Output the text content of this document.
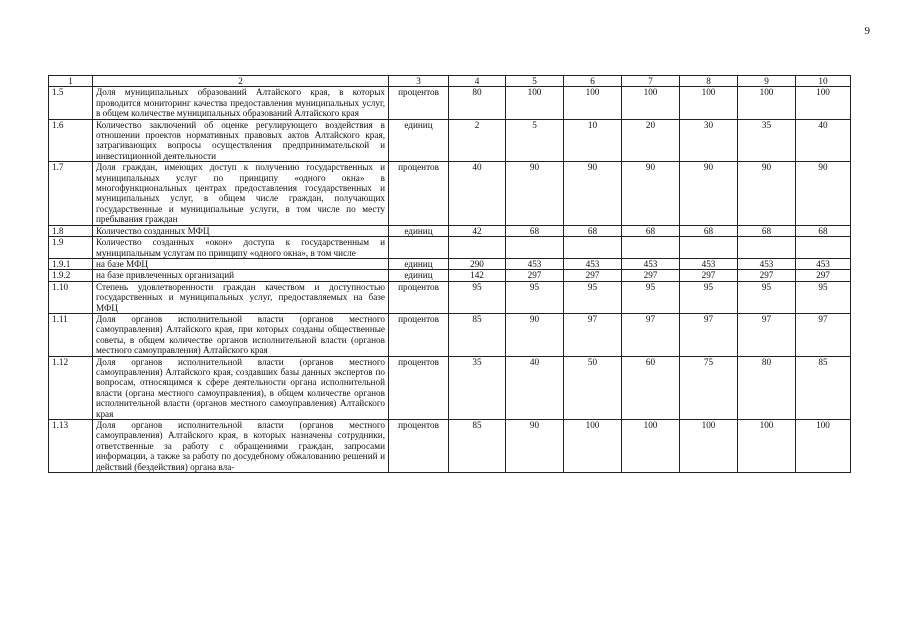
9
1	2	3	4	5	6	7	8	9	10
1.5	Доля муниципальных образований Алтайского края, в которых проводится мониторинг качества предоставления муниципальных услуг, в общем количестве муниципальных образований Алтайского края	процентов	80	100	100	100	100	100	100
1.6	Количество заключений об оценке регулирующего воздействия в отношении проектов нормативных правовых актов Алтайского края, затрагивающих вопросы осуществления предпринимательской и инвестиционной деятельности	единиц	2	5	10	20	30	35	40
1.7	Доля граждан, имеющих доступ к получению государственных и муниципальных услуг по принципу «одного окна» в многофункциональных центрах предоставления государственных и муниципальных услуг, в общем числе граждан, получающих государственные и муниципальные услуги, в том числе по месту пребывания граждан	процентов	40	90	90	90	90	90	90
1.8	Количество созданных МФЦ	единиц	42	68	68	68	68	68	68
1.9	Количество созданных «окон» доступа к государственным и муниципальным услугам по принципу «одного окна», в том числе								
1.9.1	на базе МФЦ	единиц	290	453	453	453	453	453	453
1.9.2	на базе привлеченных организаций	единиц	142	297	297	297	297	297	297
1.10	Степень удовлетворенности граждан качеством и доступностью государственных и муниципальных услуг, предоставляемых на базе МФЦ	процентов	95	95	95	95	95	95	95
1.11	Доля органов исполнительной власти (органов местного самоуправления) Алтайского края, при которых созданы общественные советы, в общем количестве органов исполнительной власти (органов местного самоуправления) Алтайского края	процентов	85	90	97	97	97	97	97
1.12	Доля органов исполнительной власти (органов местного самоуправления) Алтайского края, создавших базы данных экспертов по вопросам, относящимся к сфере деятельности органа исполнительной власти (органа местного самоуправления), в общем количестве органов исполнительной власти (органов местного самоуправления) Алтайского края	процентов	35	40	50	60	75	80	85
1.13	Доля органов исполнительной власти (органов местного самоуправления) Алтайского края, в которых назначены сотрудники, ответственные за работу с обращениями граждан, запросами информации, а также за работу по досудебному обжалованию решений и действий (бездействия) органа вла-	процентов	85	90	100	100	100	100	100
